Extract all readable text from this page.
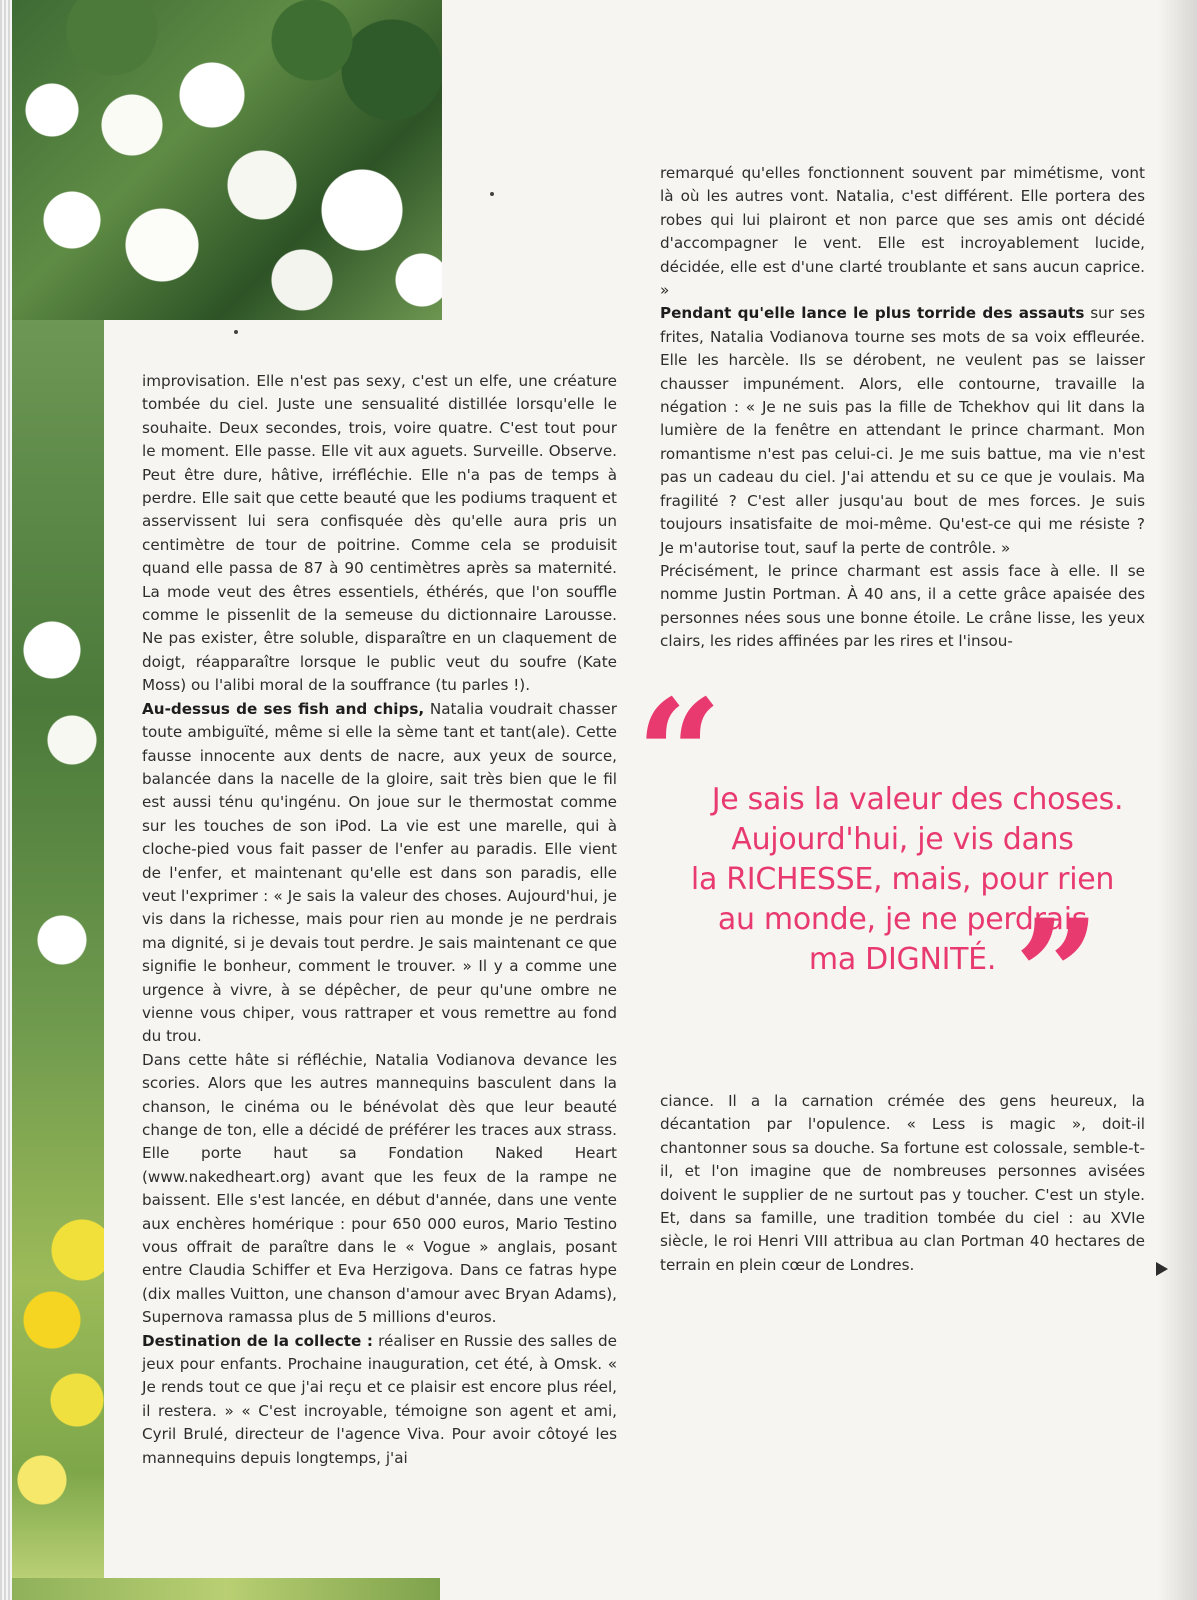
improvisation. Elle n'est pas sexy, c'est un elfe, une créature tombée du ciel. Juste une sensualité distillée lorsqu'elle le souhaite. Deux secondes, trois, voire quatre. C'est tout pour le moment. Elle passe. Elle vit aux aguets. Surveille. Observe. Peut être dure, hâtive, irréfléchie. Elle n'a pas de temps à perdre. Elle sait que cette beauté que les podiums traquent et asservissent lui sera confisquée dès qu'elle aura pris un centimètre de tour de poitrine. Comme cela se produisit quand elle passa de 87 à 90 centimètres après sa maternité. La mode veut des êtres essentiels, éthérés, que l'on souffle comme le pissenlit de la semeuse du dictionnaire Larousse. Ne pas exister, être soluble, disparaître en un claquement de doigt, réapparaître lorsque le public veut du soufre (Kate Moss) ou l'alibi moral de la souffrance (tu parles !).

Au-dessus de ses fish and chips, Natalia voudrait chasser toute ambiguïté, même si elle la sème tant et tant(ale). Cette fausse innocente aux dents de nacre, aux yeux de source, balancée dans la nacelle de la gloire, sait très bien que le fil est aussi ténu qu'ingénu. On joue sur le thermostat comme sur les touches de son iPod. La vie est une marelle, qui à cloche-pied vous fait passer de l'enfer au paradis. Elle vient de l'enfer, et maintenant qu'elle est dans son paradis, elle veut l'exprimer : « Je sais la valeur des choses. Aujourd'hui, je vis dans la richesse, mais pour rien au monde je ne perdrais ma dignité, si je devais tout perdre. Je sais maintenant ce que signifie le bonheur, comment le trouver. » Il y a comme une urgence à vivre, à se dépêcher, de peur qu'une ombre ne vienne vous chiper, vous rattraper et vous remettre au fond du trou.

Dans cette hâte si réfléchie, Natalia Vodianova devance les scories. Alors que les autres mannequins basculent dans la chanson, le cinéma ou le bénévolat dès que leur beauté change de ton, elle a décidé de préférer les traces aux strass. Elle porte haut sa Fondation Naked Heart (www.nakedheart.org) avant que les feux de la rampe ne baissent. Elle s'est lancée, en début d'année, dans une vente aux enchères homérique : pour 650 000 euros, Mario Testino vous offrait de paraître dans le « Vogue » anglais, posant entre Claudia Schiffer et Eva Herzigova. Dans ce fatras hype (dix malles Vuitton, une chanson d'amour avec Bryan Adams), Supernova ramassa plus de 5 millions d'euros.

Destination de la collecte : réaliser en Russie des salles de jeux pour enfants. Prochaine inauguration, cet été, à Omsk. « Je rends tout ce que j'ai reçu et ce plaisir est encore plus réel, il restera. » « C'est incroyable, témoigne son agent et ami, Cyril Brulé, directeur de l'agence Viva. Pour avoir côtoyé les mannequins depuis longtemps, j'ai

remarqué qu'elles fonctionnent souvent par mimétisme, vont là où les autres vont. Natalia, c'est différent. Elle portera des robes qui lui plairont et non parce que ses amis ont décidé d'accompagner le vent. Elle est incroyablement lucide, décidée, elle est d'une clarté troublante et sans aucun caprice. »

Pendant qu'elle lance le plus torride des assauts sur ses frites, Natalia Vodianova tourne ses mots de sa voix effleurée. Elle les harcèle. Ils se dérobent, ne veulent pas se laisser chausser impunément. Alors, elle contourne, travaille la négation : « Je ne suis pas la fille de Tchekhov qui lit dans la lumière de la fenêtre en attendant le prince charmant. Mon romantisme n'est pas celui-ci. Je me suis battue, ma vie n'est pas un cadeau du ciel. J'ai attendu et su ce que je voulais. Ma fragilité ? C'est aller jusqu'au bout de mes forces. Je suis toujours insatisfaite de moi-même. Qu'est-ce qui me résiste ? Je m'autorise tout, sauf la perte de contrôle. »

Précisément, le prince charmant est assis face à elle. Il se nomme Justin Portman. À 40 ans, il a cette grâce apaisée des personnes nées sous une bonne étoile. Le crâne lisse, les yeux clairs, les rides affinées par les rires et l'insou-

“
Je sais la valeur des choses.
Aujourd'hui, je vis dans
la RICHESSE, mais, pour rien
au monde, je ne perdrais
ma DIGNITÉ. ”

ciance. Il a la carnation crémée des gens heureux, la décantation par l'opulence. « Less is magic », doit-il chantonner sous sa douche. Sa fortune est colossale, semble-t-il, et l'on imagine que de nombreuses personnes avisées doivent le supplier de ne surtout pas y toucher. C'est un style. Et, dans sa famille, une tradition tombée du ciel : au XVIe siècle, le roi Henri VIII attribua au clan Portman 40 hectares de terrain en plein cœur de Londres.
